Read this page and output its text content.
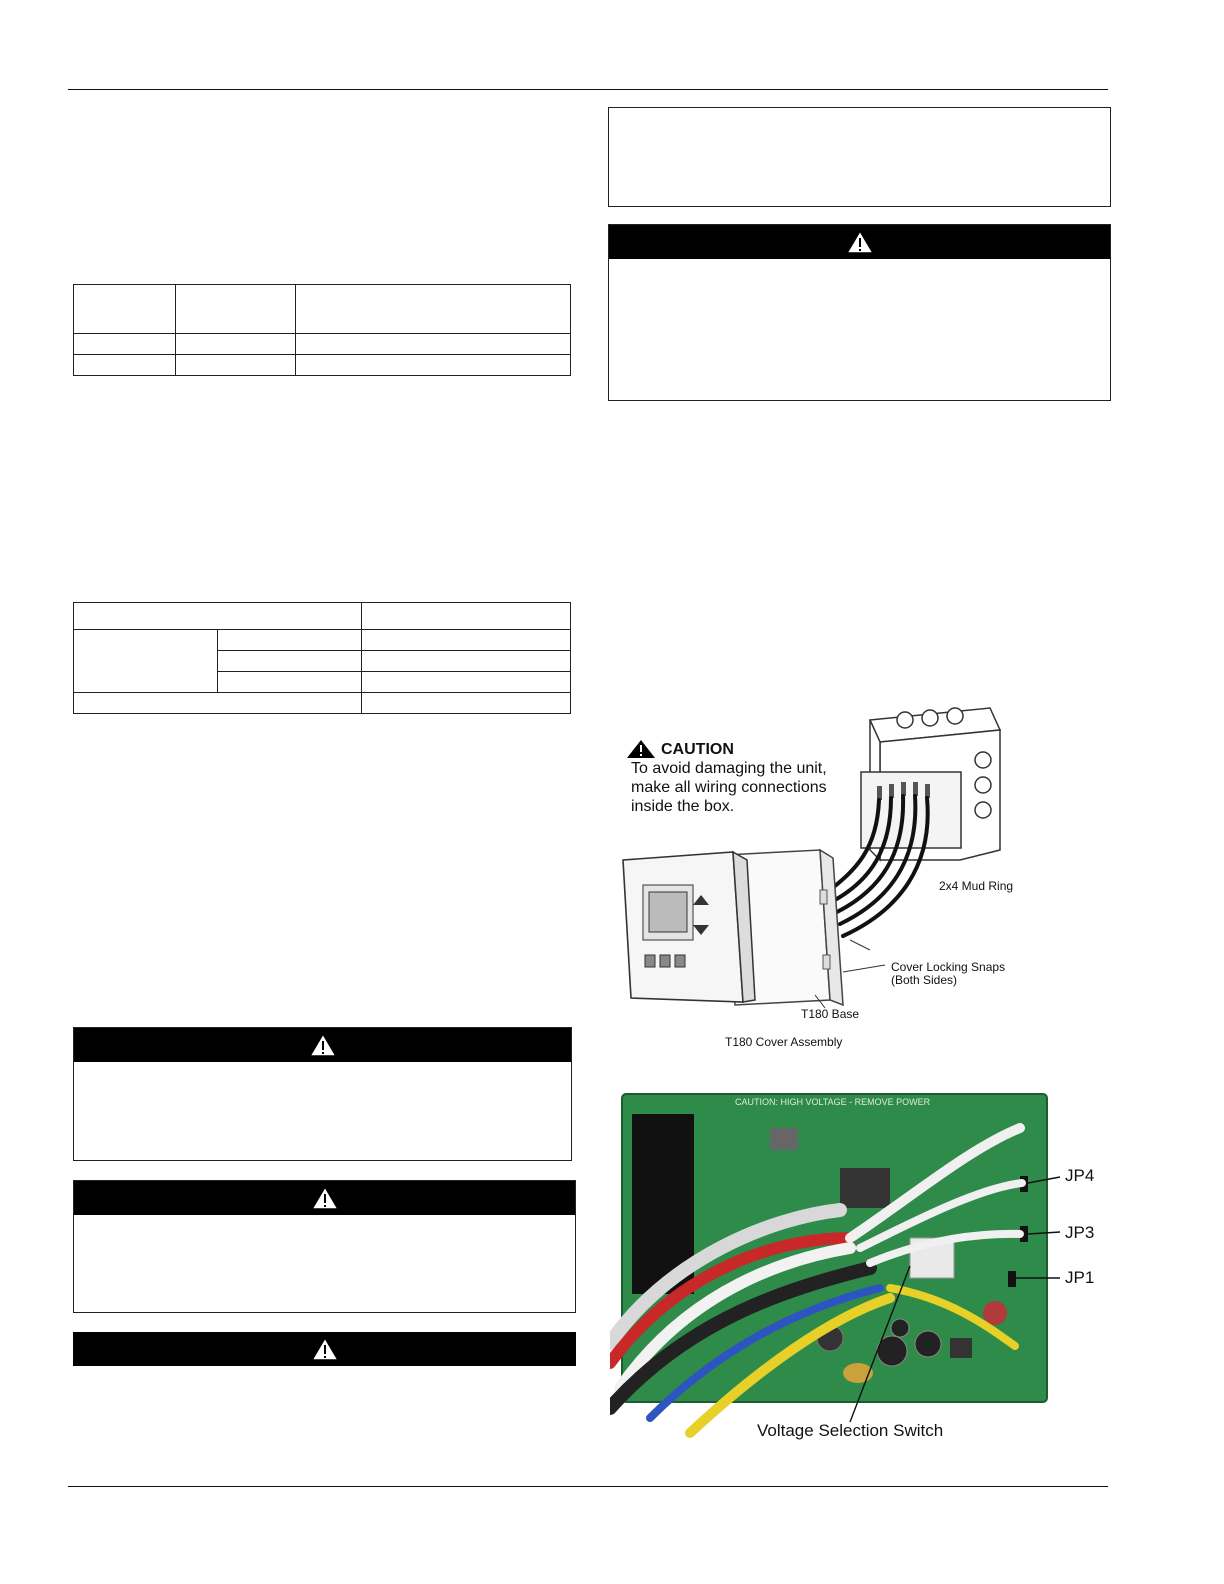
CAUTION
To avoid damaging the unit,
make all wiring connections
inside the box.
2x4 Mud Ring
Cover Locking Snaps
(Both Sides)
T180 Base
T180 Cover Assembly
CAUTION: HIGH VOLTAGE - REMOVE POWER
JP4
JP3
JP1
Voltage Selection Switch
